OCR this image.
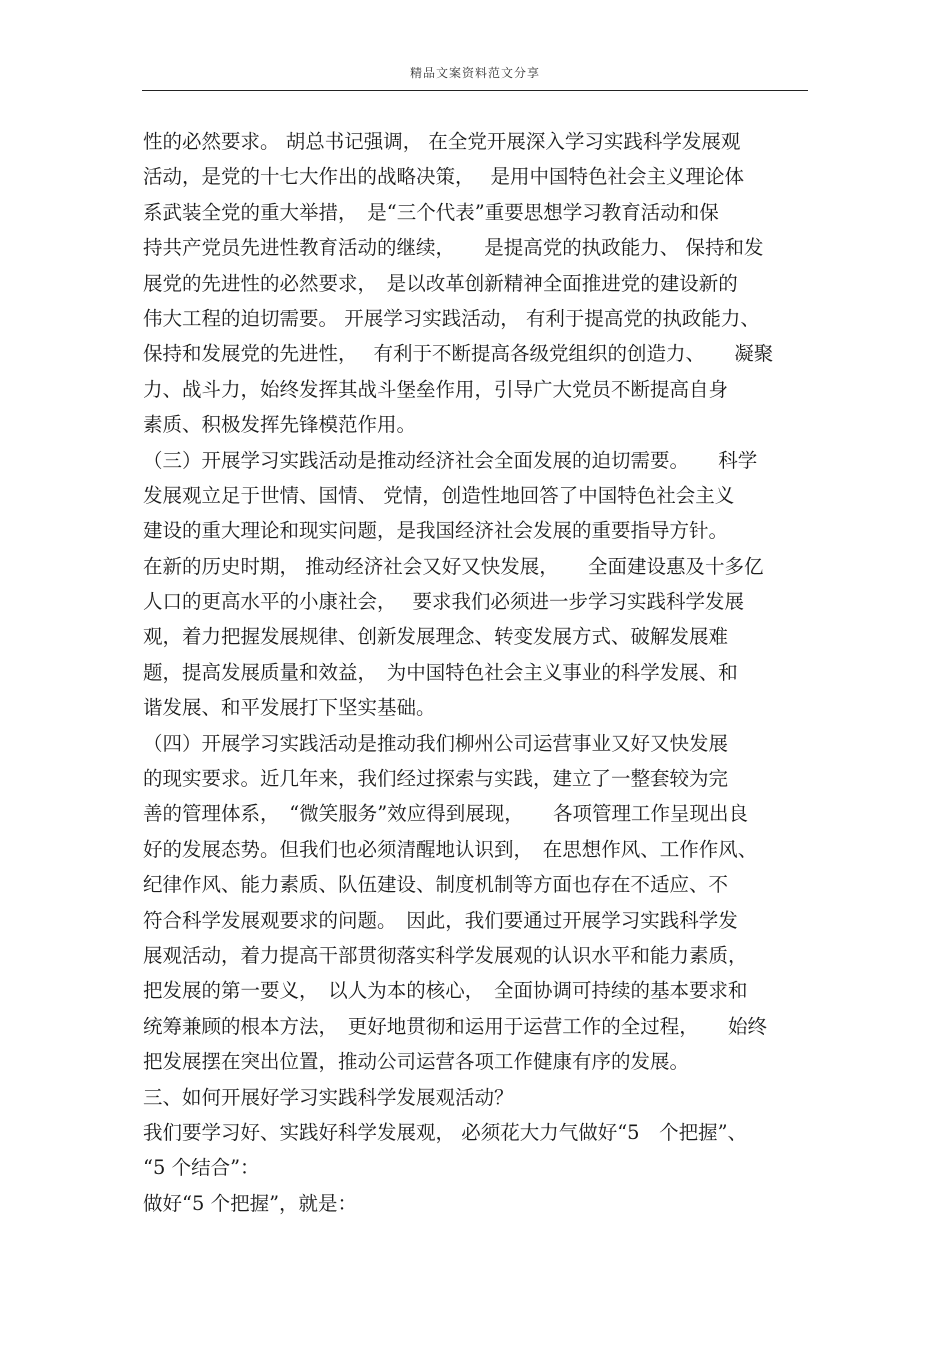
精品文案资料范文分享
性的必然要求。 胡总书记强调， 在全党开展深入学习实践科学发展观
活动，是党的十七大作出的战略决策，　 是用中国特色社会主义理论体
系武装全党的重大举措，　是“三个代表”重要思想学习教育活动和保
持共产党员先进性教育活动的继续，　　是提高党的执政能力、 保持和发
展党的先进性的必然要求，　是以改革创新精神全面推进党的建设新的
伟大工程的迫切需要。 开展学习实践活动， 有利于提高党的执政能力、
保持和发展党的先进性，　 有利于不断提高各级党组织的创造力、　　凝聚
力、战斗力，始终发挥其战斗堡垒作用，引导广大党员不断提高自身
素质、积极发挥先锋模范作用。
（三）开展学习实践活动是推动经济社会全面发展的迫切需要。　　科学
发展观立足于世情、国情、 党情，创造性地回答了中国特色社会主义
建设的重大理论和现实问题，是我国经济社会发展的重要指导方针。
在新的历史时期， 推动经济社会又好又快发展，　　全面建设惠及十多亿
人口的更高水平的小康社会，　 要求我们必须进一步学习实践科学发展
观，着力把握发展规律、创新发展理念、转变发展方式、破解发展难
题，提高发展质量和效益，　为中国特色社会主义事业的科学发展、和
谐发展、和平发展打下坚实基础。
（四）开展学习实践活动是推动我们柳州公司运营事业又好又快发展
的现实要求。近几年来，我们经过探索与实践，建立了一整套较为完
善的管理体系，　“微笑服务”效应得到展现，　　各项管理工作呈现出良
好的发展态势。但我们也必须清醒地认识到，　在思想作风、工作作风、
纪律作风、能力素质、队伍建设、制度机制等方面也存在不适应、不
符合科学发展观要求的问题。　因此，我们要通过开展学习实践科学发
展观活动，着力提高干部贯彻落实科学发展观的认识水平和能力素质，
把发展的第一要义，　以人为本的核心，　全面协调可持续的基本要求和
统筹兼顾的根本方法，　更好地贯彻和运用于运营工作的全过程，　　始终
把发展摆在突出位置，推动公司运营各项工作健康有序的发展。
三、如何开展好学习实践科学发展观活动？
我们要学习好、实践好科学发展观， 必须花大力气做好“5　个把握”、
“5 个结合”：
做好“5 个把握”，就是：
